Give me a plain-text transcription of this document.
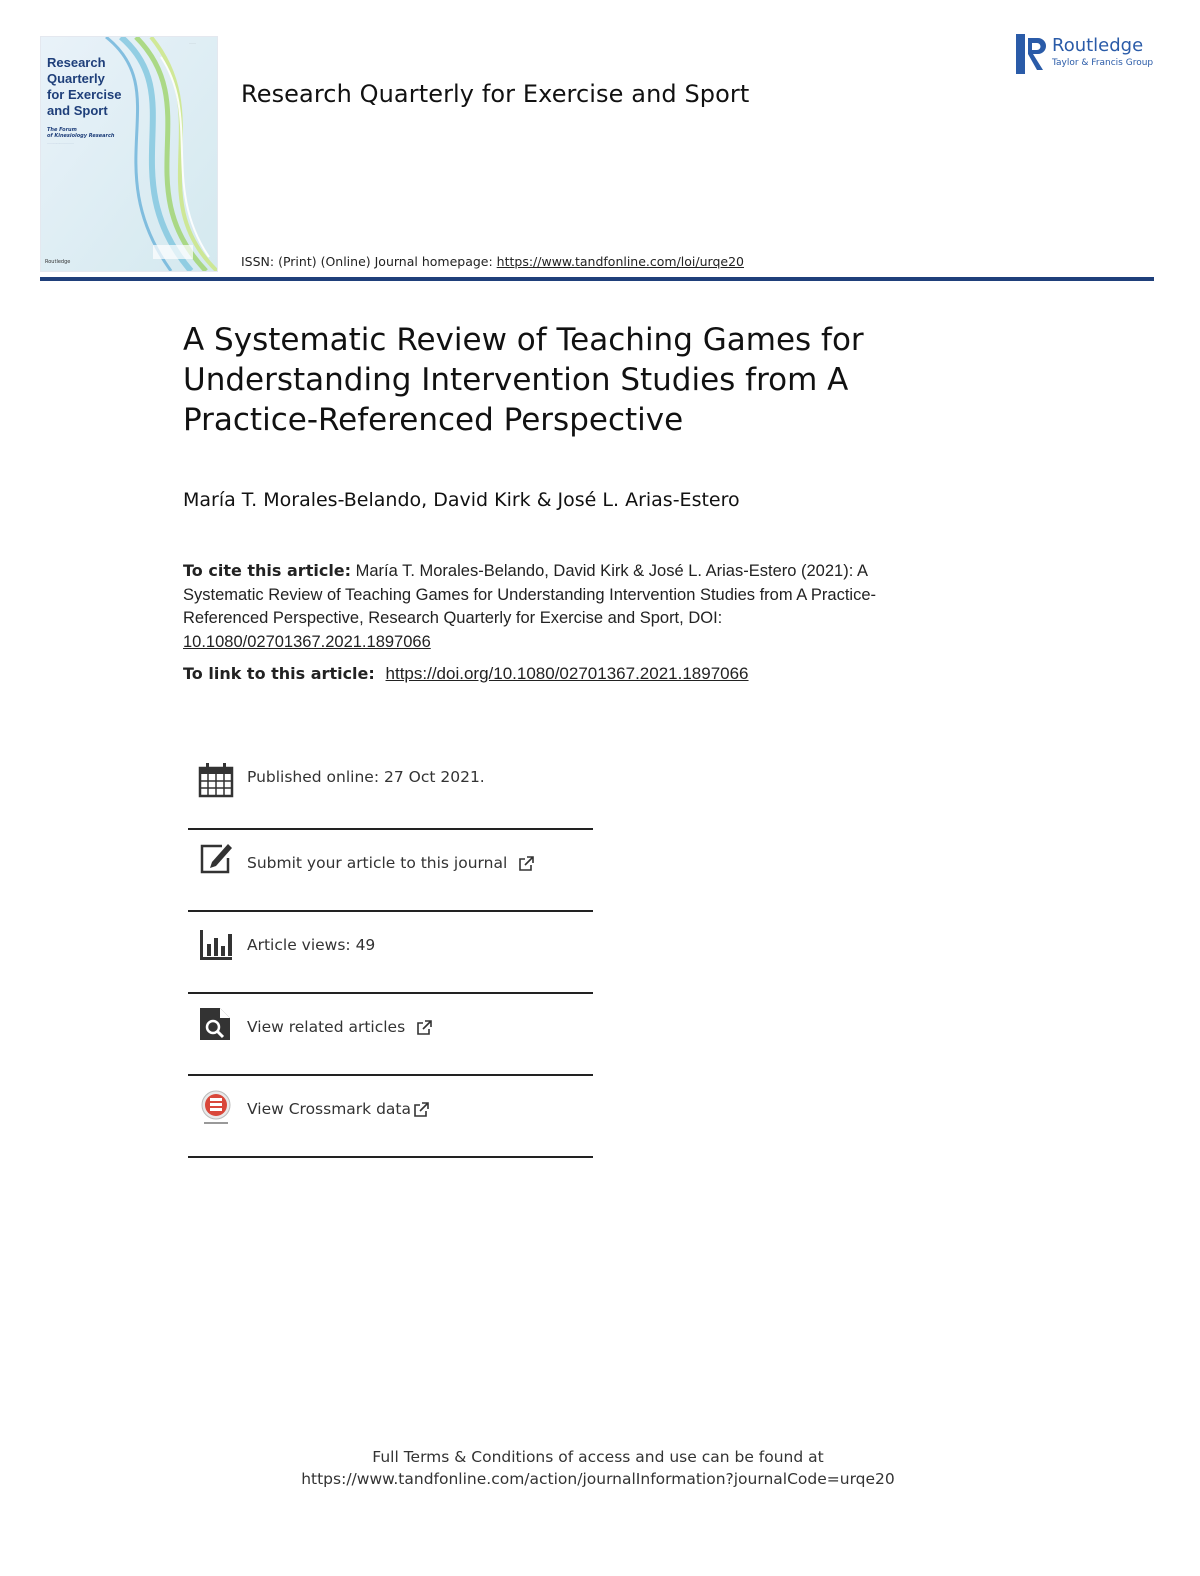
·······
Research
Quarterly
for Exercise
and Sport
The Forum
of Kinesiology Research
····························
Routledge
Research Quarterly for Exercise and Sport
ISSN: (Print) (Online) Journal homepage: https://www.tandfonline.com/loi/urqe20
Routledge
Taylor & Francis Group
A Systematic Review of Teaching Games for Understanding Intervention Studies from A Practice-Referenced Perspective
María T. Morales-Belando, David Kirk & José L. Arias-Estero
To cite this article: María T. Morales-Belando, David Kirk & José L. Arias-Estero (2021): A Systematic Review of Teaching Games for Understanding Intervention Studies from A Practice-Referenced Perspective, Research Quarterly for Exercise and Sport, DOI: 10.1080/02701367.2021.1897066
To link to this article: https://doi.org/10.1080/02701367.2021.1897066
Published online: 27 Oct 2021.
Submit your article to this journal
Article views: 49
View related articles
View Crossmark data
Full Terms & Conditions of access and use can be found at
https://www.tandfonline.com/action/journalInformation?journalCode=urqe20
